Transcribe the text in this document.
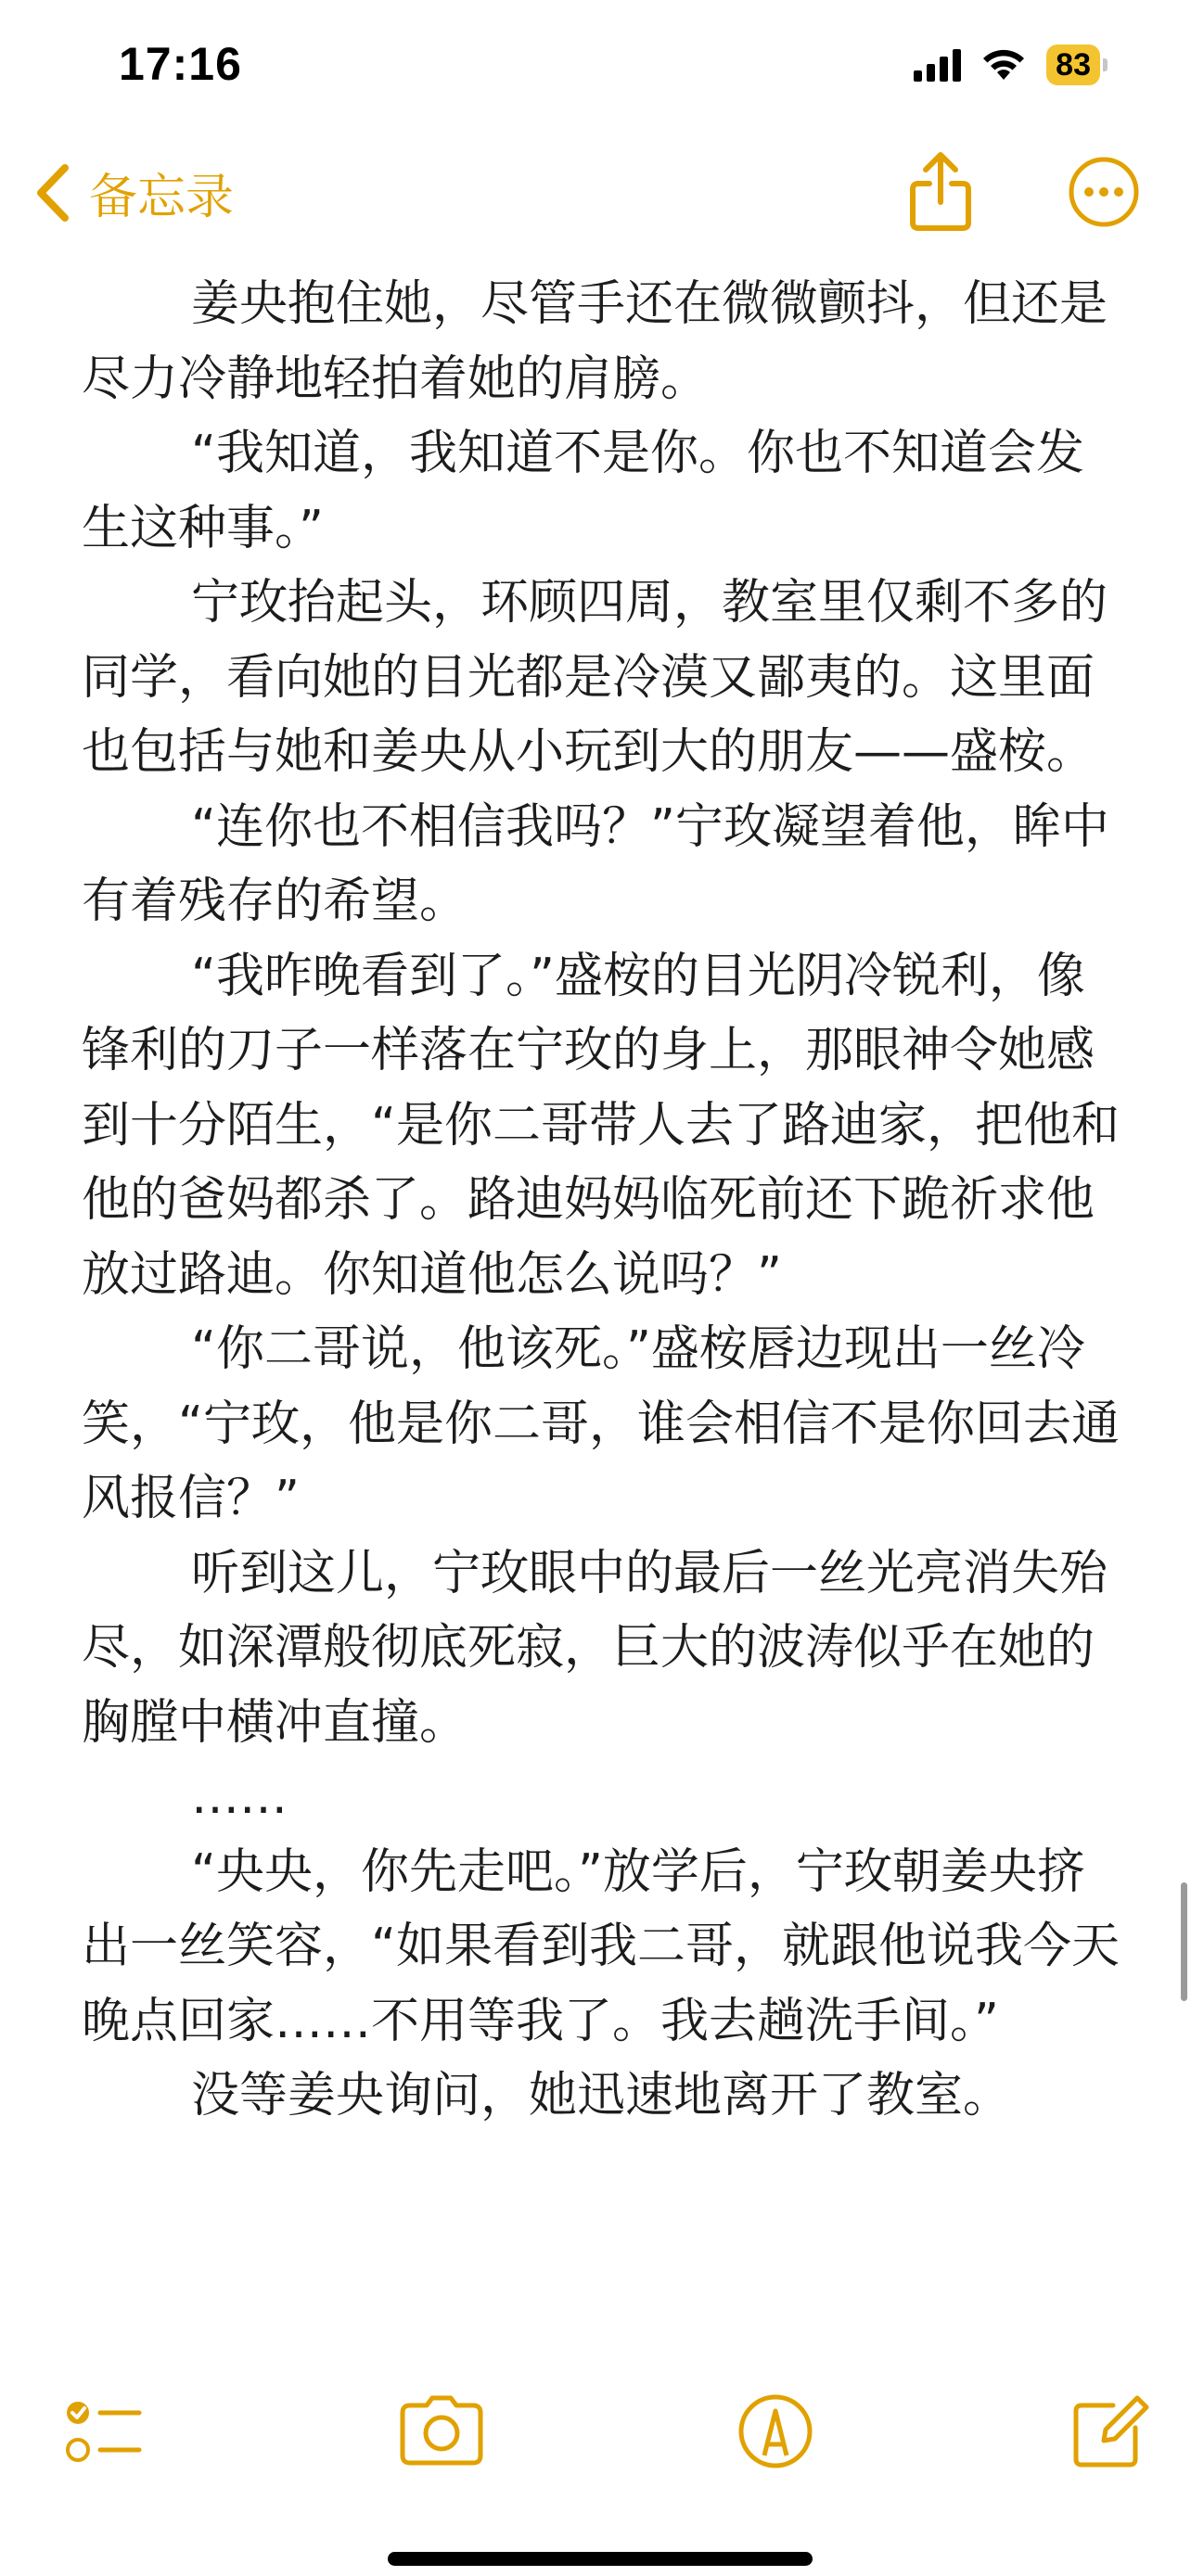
17:16	83
备忘录

姜央抱住她，尽管手还在微微颤抖，但还是尽力冷静地轻拍着她的肩膀。

“我知道，我知道不是你。你也不知道会发生这种事。”

宁玫抬起头，环顾四周，教室里仅剩不多的同学，看向她的目光都是冷漠又鄙夷的。这里面也包括与她和姜央从小玩到大的朋友——盛桉。

“连你也不相信我吗？”宁玫凝望着他，眸中有着残存的希望。

“我昨晚看到了。”盛桉的目光阴冷锐利，像锋利的刀子一样落在宁玫的身上，那眼神令她感到十分陌生，“是你二哥带人去了路迪家，把他和他的爸妈都杀了。路迪妈妈临死前还下跪祈求他放过路迪。你知道他怎么说吗？”

“你二哥说，他该死。”盛桉唇边现出一丝冷笑，“宁玫，他是你二哥，谁会相信不是你回去通风报信？”

听到这儿，宁玫眼中的最后一丝光亮消失殆尽，如深潭般彻底死寂，巨大的波涛似乎在她的胸膛中横冲直撞。

……

“央央，你先走吧。”放学后，宁玫朝姜央挤出一丝笑容，“如果看到我二哥，就跟他说我今天晚点回家……不用等我了。我去趟洗手间。”

没等姜央询问，她迅速地离开了教室。
